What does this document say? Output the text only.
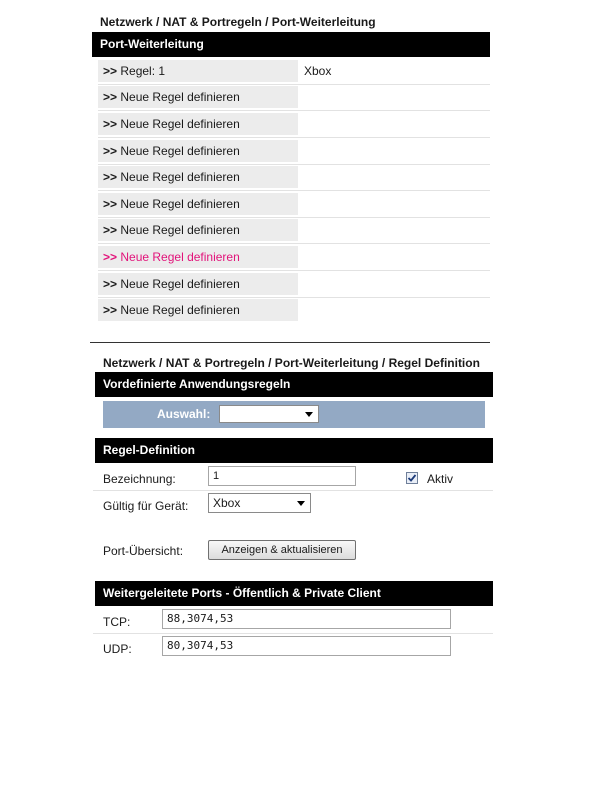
Netzwerk / NAT & Portregeln / Port-Weiterleitung
Port-Weiterleitung
>> Regel: 1	Xbox
>> Neue Regel definieren
>> Neue Regel definieren
>> Neue Regel definieren
>> Neue Regel definieren
>> Neue Regel definieren
>> Neue Regel definieren
>> Neue Regel definieren
>> Neue Regel definieren
>> Neue Regel definieren
Netzwerk / NAT & Portregeln / Port-Weiterleitung / Regel Definition
Vordefinierte Anwendungsregeln
Auswahl:
Regel-Definition
Bezeichnung:	1	Aktiv
Gültig für Gerät:	Xbox
Port-Übersicht:	Anzeigen & aktualisieren
Weitergeleitete Ports - Öffentlich & Private Client
TCP:	88,3074,53
UDP:	80,3074,53
